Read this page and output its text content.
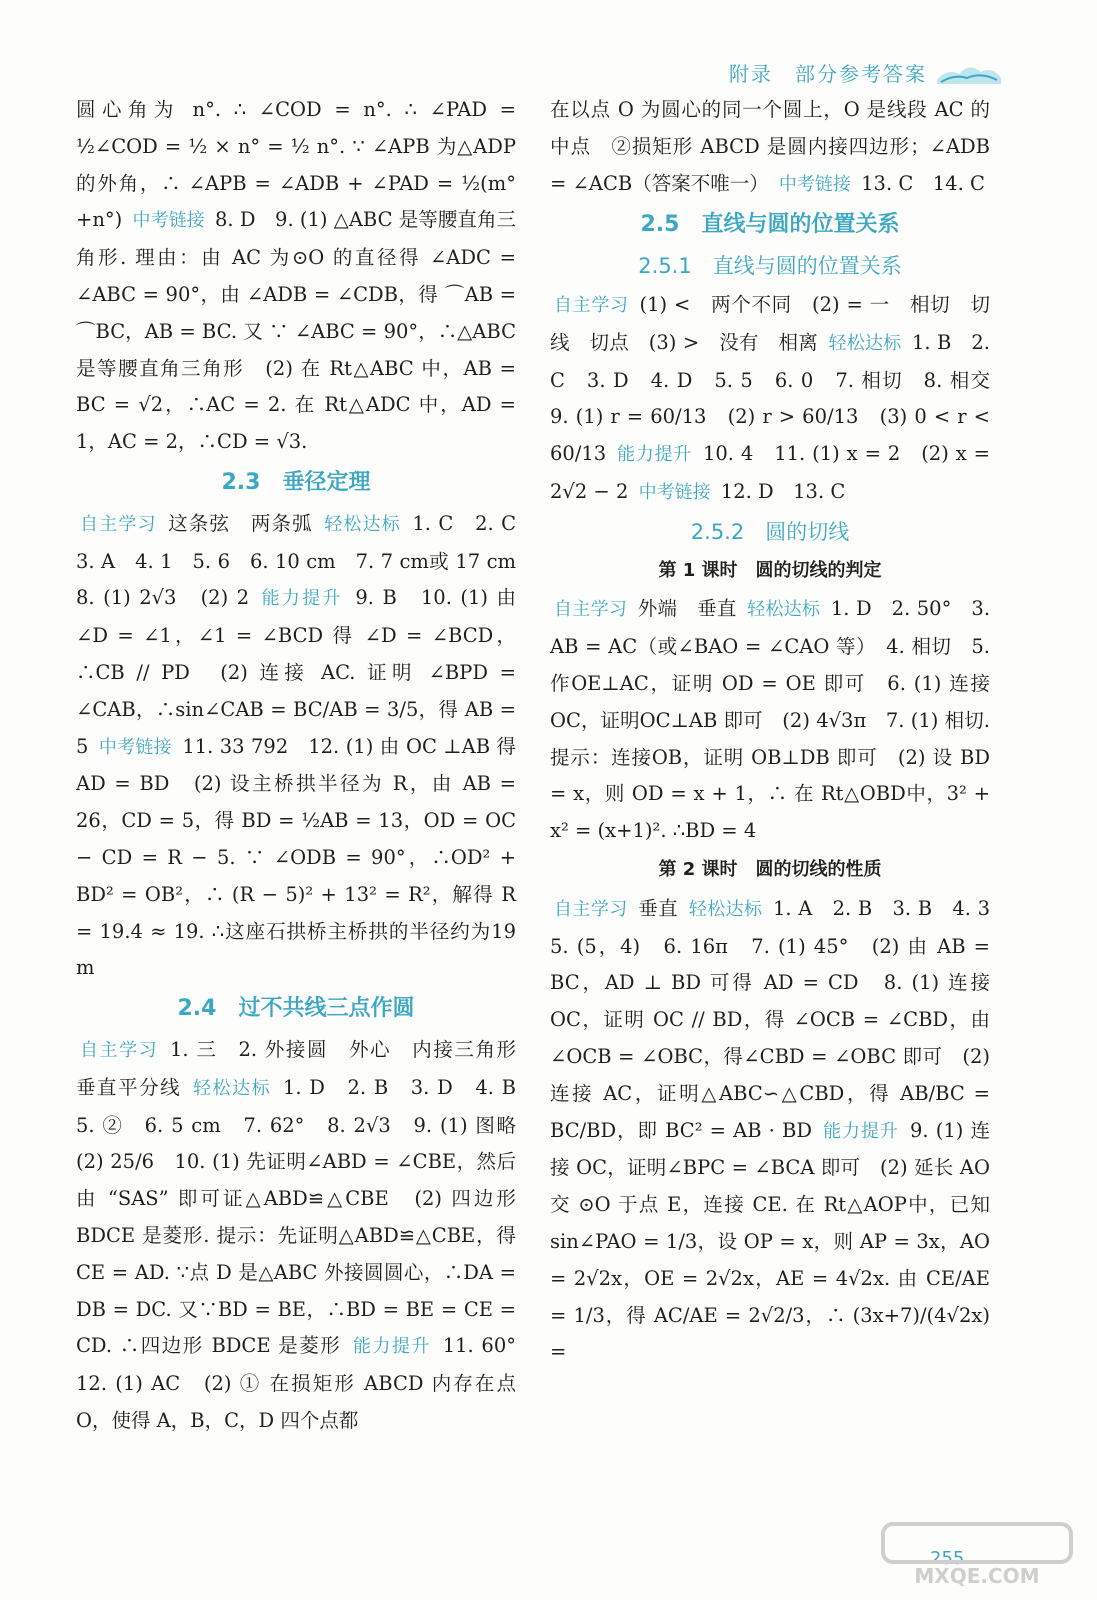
附录　部分参考答案

圆心角为 n°. ∴ ∠COD = n°. ∴ ∠PAD = ½∠COD = ½ × n° = ½ n°. ∵ ∠APB 为△ADP 的外角，∴ ∠APB = ∠ADB + ∠PAD = ½(m°+n°) 中考链接 8. D　9. (1) △ABC 是等腰直角三角形. 理由：由 AC 为⊙O 的直径得 ∠ADC = ∠ABC = 90°，由 ∠ADB = ∠CDB，得 ⌒AB = ⌒BC，AB = BC. 又 ∵ ∠ABC = 90°，∴△ABC 是等腰直角三角形　(2) 在 Rt△ABC 中，AB = BC = √2，∴AC = 2. 在 Rt△ADC 中，AD = 1，AC = 2，∴CD = √3.

2.3　垂径定理

自主学习 这条弦　两条弧 轻松达标 1. C　2. C　3. A　4. 1　5. 6　6. 10 cm　7. 7 cm或 17 cm　8. (1) 2√3　(2) 2 能力提升 9. B　10. (1) 由 ∠D = ∠1，∠1 = ∠BCD 得 ∠D = ∠BCD，∴CB // PD　(2) 连接 AC. 证明 ∠BPD = ∠CAB，∴sin∠CAB = BC/AB = 3/5，得 AB = 5 中考链接 11. 33 792　12. (1) 由 OC ⊥AB 得 AD = BD　(2) 设主桥拱半径为 R，由 AB = 26，CD = 5，得 BD = ½AB = 13，OD = OC − CD = R − 5. ∵ ∠ODB = 90°，∴OD² + BD² = OB²，∴ (R − 5)² + 13² = R²，解得 R = 19.4 ≈ 19. ∴这座石拱桥主桥拱的半径约为19 m

2.4　过不共线三点作圆

自主学习 1. 三　2. 外接圆　外心　内接三角形　垂直平分线 轻松达标 1. D　2. B　3. D　4. B　5. ②　6. 5 cm　7. 62°　8. 2√3　9. (1) 图略　(2) 25/6　10. (1) 先证明∠ABD = ∠CBE，然后由 “SAS” 即可证△ABD≌△CBE　(2) 四边形 BDCE 是菱形. 提示：先证明△ABD≌△CBE，得 CE = AD. ∵点 D 是△ABC 外接圆圆心，∴DA = DB = DC. 又∵BD = BE，∴BD = BE = CE = CD. ∴四边形 BDCE 是菱形 能力提升 11. 60°　12. (1) AC　(2) ① 在损矩形 ABCD 内存在点 O，使得 A，B，C，D 四个点都

在以点 O 为圆心的同一个圆上，O 是线段 AC 的中点　②损矩形 ABCD 是圆内接四边形；∠ADB = ∠ACB（答案不唯一） 中考链接 13. C　14. C

2.5　直线与圆的位置关系
2.5.1　直线与圆的位置关系

自主学习 (1) <　两个不同　(2) = 一　相切　切线　切点　(3) >　没有　相离 轻松达标 1. B　2. C　3. D　4. D　5. 5　6. 0　7. 相切　8. 相交　9. (1) r = 60/13　(2) r > 60/13　(3) 0 < r < 60/13 能力提升 10. 4　11. (1) x = 2　(2) x = 2√2 − 2 中考链接 12. D　13. C

2.5.2　圆的切线
第 1 课时　圆的切线的判定

自主学习 外端　垂直 轻松达标 1. D　2. 50°　3. AB = AC（或∠BAO = ∠CAO 等）　4. 相切　5. 作OE⊥AC，证明 OD = OE 即可　6. (1) 连接OC，证明OC⊥AB 即可　(2) 4√3π　7. (1) 相切. 提示：连接OB，证明 OB⊥DB 即可　(2) 设 BD = x，则 OD = x + 1，∴ 在 Rt△OBD中，3² + x² = (x+1)². ∴BD = 4

第 2 课时　圆的切线的性质

自主学习 垂直 轻松达标 1. A　2. B　3. B　4. 3　5. (5，4)　6. 16π　7. (1) 45°　(2) 由 AB = BC，AD ⊥ BD 可得 AD = CD　8. (1) 连接 OC，证明 OC // BD，得 ∠OCB = ∠CBD，由∠OCB = ∠OBC，得∠CBD = ∠OBC 即可　(2) 连接 AC，证明△ABC∽△CBD，得 AB/BC = BC/BD，即 BC² = AB · BD 能力提升 9. (1) 连接 OC，证明∠BPC = ∠BCA 即可　(2) 延长 AO 交 ⊙O 于点 E，连接 CE. 在 Rt△AOP中，已知 sin∠PAO = 1/3，设 OP = x，则 AP = 3x，AO = 2√2x，OE = 2√2x，AE = 4√2x. 由 CE/AE = 1/3，得 AC/AE = 2√2/3，∴ (3x+7)/(4√2x) =

255
MXQE.COM
